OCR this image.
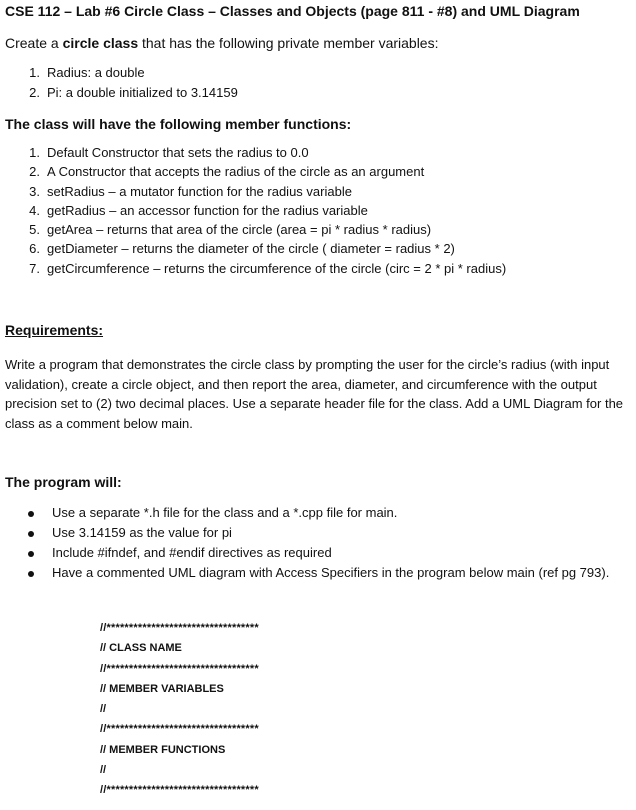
CSE 112 – Lab #6 Circle Class – Classes and Objects (page 811 - #8) and UML Diagram
Create a circle class that has the following private member variables:
1. Radius: a double
2. Pi: a double initialized to 3.14159
The class will have the following member functions:
1. Default Constructor that sets the radius to 0.0
2. A Constructor that accepts the radius of the circle as an argument
3. setRadius – a mutator function for the radius variable
4. getRadius – an accessor function for the radius variable
5. getArea – returns that area of the circle (area = pi * radius * radius)
6. getDiameter – returns the diameter of the circle ( diameter = radius * 2)
7. getCircumference – returns the circumference of the circle (circ = 2 * pi * radius)
Requirements:
Write a program that demonstrates the circle class by prompting the user for the circle’s radius (with input validation), create a circle object, and then report the area, diameter, and circumference with the output precision set to (2) two decimal places. Use a separate header file for the class. Add a UML Diagram for the class as a comment below main.
The program will:
Use a separate *.h file for the class and a *.cpp file for main.
Use 3.14159 as the value for pi
Include #ifndef, and #endif directives as required
Have a commented UML diagram with Access Specifiers in the program below main (ref pg 793).
//**********************************
// CLASS NAME
//**********************************
// MEMBER VARIABLES
//
//**********************************
// MEMBER FUNCTIONS
//
//**********************************
